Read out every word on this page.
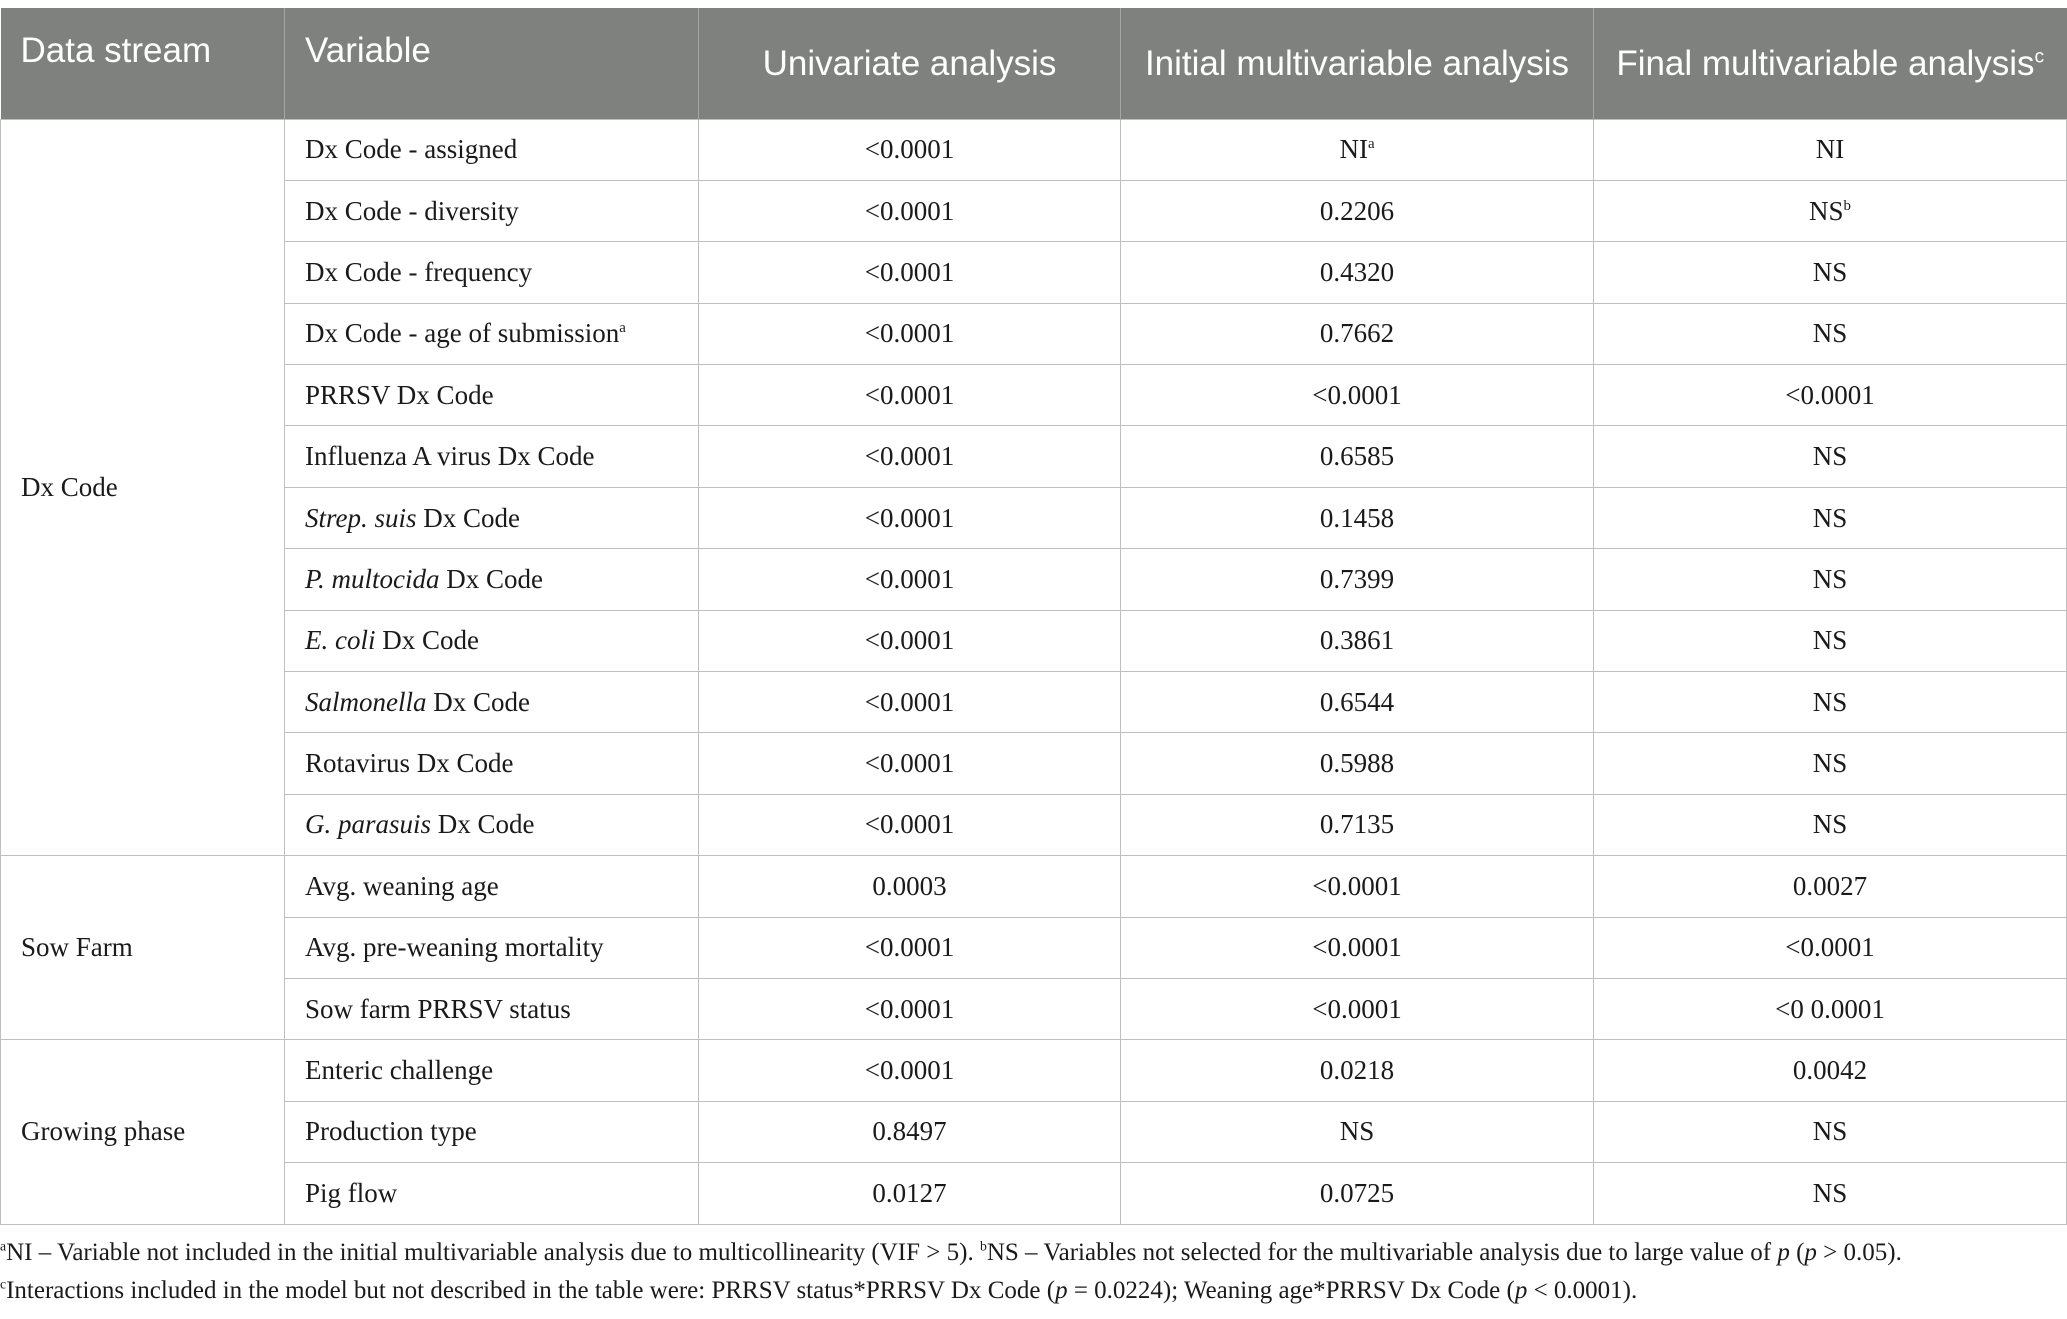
Data stream	Variable	Univariate analysis	Initial multivariable analysis	Final multivariable analysis$^c$
Dx Code	Dx Code - assigned	<0.0001	$NI^a$	NI
	Dx Code - diversity	<0.0001	0.2206	$NS^b$
	Dx Code - frequency	<0.0001	0.4320	NS
	Dx Code - age of submission$^a$	<0.0001	0.7662	NS
	PRRSV Dx Code	<0.0001	<0.0001	<0.0001
	Influenza A virus Dx Code	<0.0001	0.6585	NS
	Strep. suis Dx Code	<0.0001	0.1458	NS
	P. multocida Dx Code	<0.0001	0.7399	NS
	E. coli Dx Code	<0.0001	0.3861	NS
	Salmonella Dx Code	<0.0001	0.6544	NS
	Rotavirus Dx Code	<0.0001	0.5988	NS
	G. parasuis Dx Code	<0.0001	0.7135	NS
Sow Farm	Avg. weaning age	0.0003	<0.0001	0.0027
	Avg. pre-weaning mortality	<0.0001	<0.0001	<0.0001
	Sow farm PRRSV status	<0.0001	<0.0001	<0 0.0001
Growing phase	Enteric challenge	<0.0001	0.0218	0.0042
	Production type	0.8497	NS	NS
	Pig flow	0.0127	0.0725	NS

$^a$NI – Variable not included in the initial multivariable analysis due to multicollinearity (VIF > 5). $^b$NS – Variables not selected for the multivariable analysis due to large value of p (p > 0.05).

$^c$Interactions included in the model but not described in the table were: PRRSV status*PRRSV Dx Code (p = 0.0224); Weaning age*PRRSV Dx Code (p < 0.0001).
